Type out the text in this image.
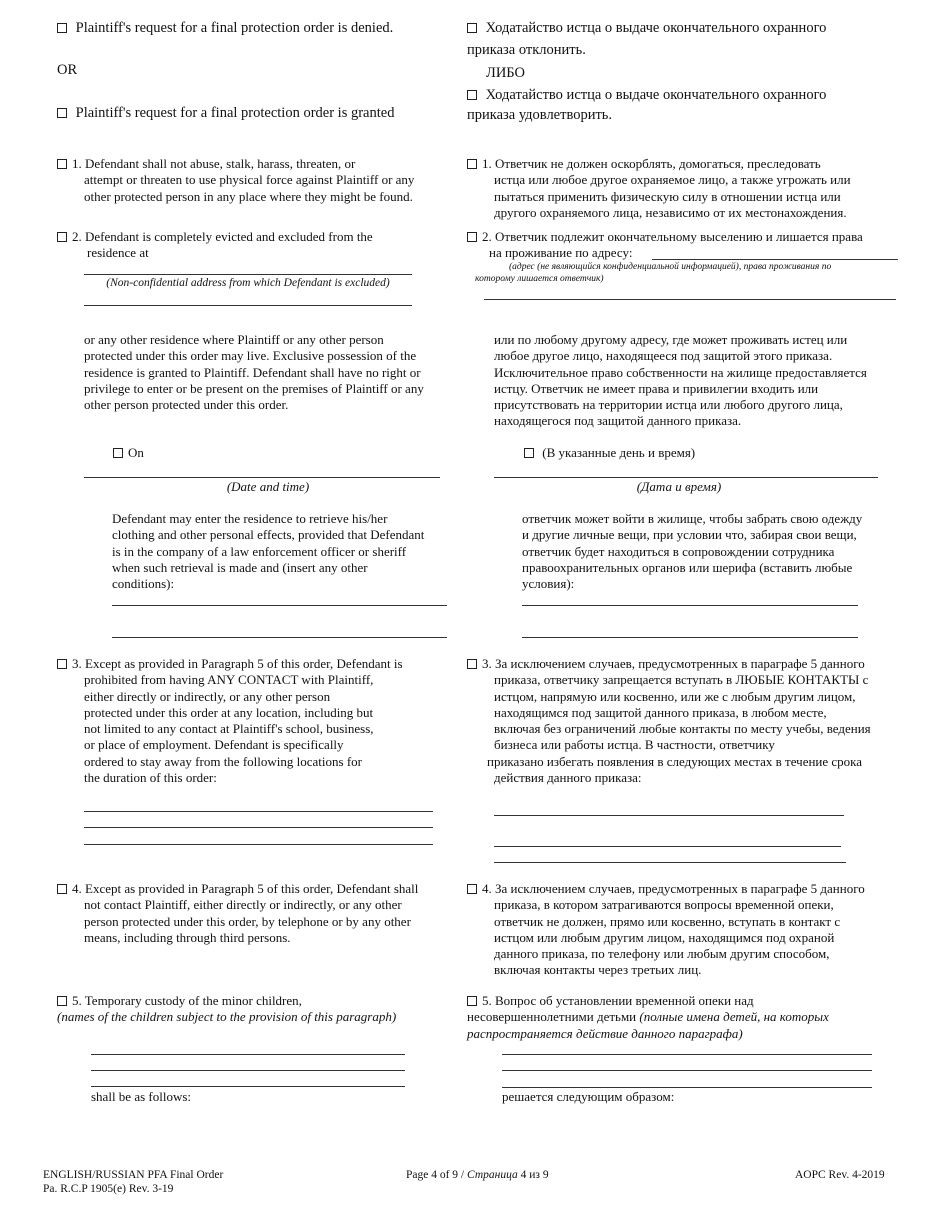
Plaintiff's request for a final protection order is denied.
OR
Plaintiff's request for a final protection order is granted
1. Defendant shall not abuse, stalk, harass, threaten, or
attempt or threaten to use physical force against Plaintiff or any
other protected person in any place where they might be found.
2. Defendant is completely evicted and excluded from the
residence at
(Non-confidential address from which Defendant is excluded)
or any other residence where Plaintiff or any other person
protected under this order may live. Exclusive possession of the
residence is granted to Plaintiff. Defendant shall have no right or
privilege to enter or be present on the premises of Plaintiff or any
other person protected under this order.
On
(Date and time)
Defendant may enter the residence to retrieve his/her
clothing and other personal effects, provided that Defendant
is in the company of a law enforcement officer or sheriff
when such retrieval is made and (insert any other
conditions):
3. Except as provided in Paragraph 5 of this order, Defendant is
prohibited from having ANY CONTACT with Plaintiff,
either directly or indirectly, or any other person
protected under this order at any location, including but
not limited to any contact at Plaintiff's school, business,
or place of employment. Defendant is specifically
ordered to stay away from the following locations for
the duration of this order:
4. Except as provided in Paragraph 5 of this order, Defendant shall
not contact Plaintiff, either directly or indirectly, or any other
person protected under this order, by telephone or by any other
means, including through third persons.
5. Temporary custody of the minor children,
(names of the children subject to the provision of this paragraph)
shall be as follows:
Ходатайство истца о выдаче окончательного охранного
приказа отклонить.
ЛИБО
Ходатайство истца о выдаче окончательного охранного
приказа удовлетворить.
1. Ответчик не должен оскорблять, домогаться, преследовать
истца или любое другое охраняемое лицо, а также угрожать или
пытаться применить физическую силу в отношении истца или
другого охраняемого лица, независимо от их местонахождения.
2. Ответчик подлежит окончательному выселению и лишается права
на проживание по адресу:
(адрес (не являющийся конфиденциальной информацией), права проживания по
которому лишается ответчик)
или по любому другому адресу, где может проживать истец или
любое другое лицо, находящееся под защитой этого приказа.
Исключительное право собственности на жилище предоставляется
истцу. Ответчик не имеет права и привилегии входить или
присутствовать на территории истца или любого другого лица,
находящегося под защитой данного приказа.
(В указанные день и время)
(Дата и время)
ответчик может войти в жилище, чтобы забрать свою одежду
и другие личные вещи, при условии что, забирая свои вещи,
ответчик будет находиться в сопровождении сотрудника
правоохранительных органов или шерифа (вставить любые
условия):
3. За исключением случаев, предусмотренных в параграфе 5 данного
приказа, ответчику запрещается вступать в ЛЮБЫЕ КОНТАКТЫ с
истцом, напрямую или косвенно, или же с любым другим лицом,
находящимся под защитой данного приказа, в любом месте,
включая без ограничений любые контакты по месту учебы, ведения
бизнеса или работы истца. В частности, ответчику
приказано избегать появления в следующих местах в течение срока
действия данного приказа:
4. За исключением случаев, предусмотренных в параграфе 5 данного
приказа, в котором затрагиваются вопросы временной опеки,
ответчик не должен, прямо или косвенно, вступать в контакт с
истцом или любым другим лицом, находящимся под охраной
данного приказа, по телефону или любым другим способом,
включая контакты через третьих лиц.
5. Вопрос об установлении временной опеки над
несовершеннолетними детьми (полные имена детей, на которых
распространяется действие данного параграфа)
решается следующим образом:
ENGLISH/RUSSIAN PFA Final Order
Pa. R.C.P 1905(e) Rev. 3-19
Page 4 of 9 / Страница 4 из 9	AOPC Rev. 4-2019
